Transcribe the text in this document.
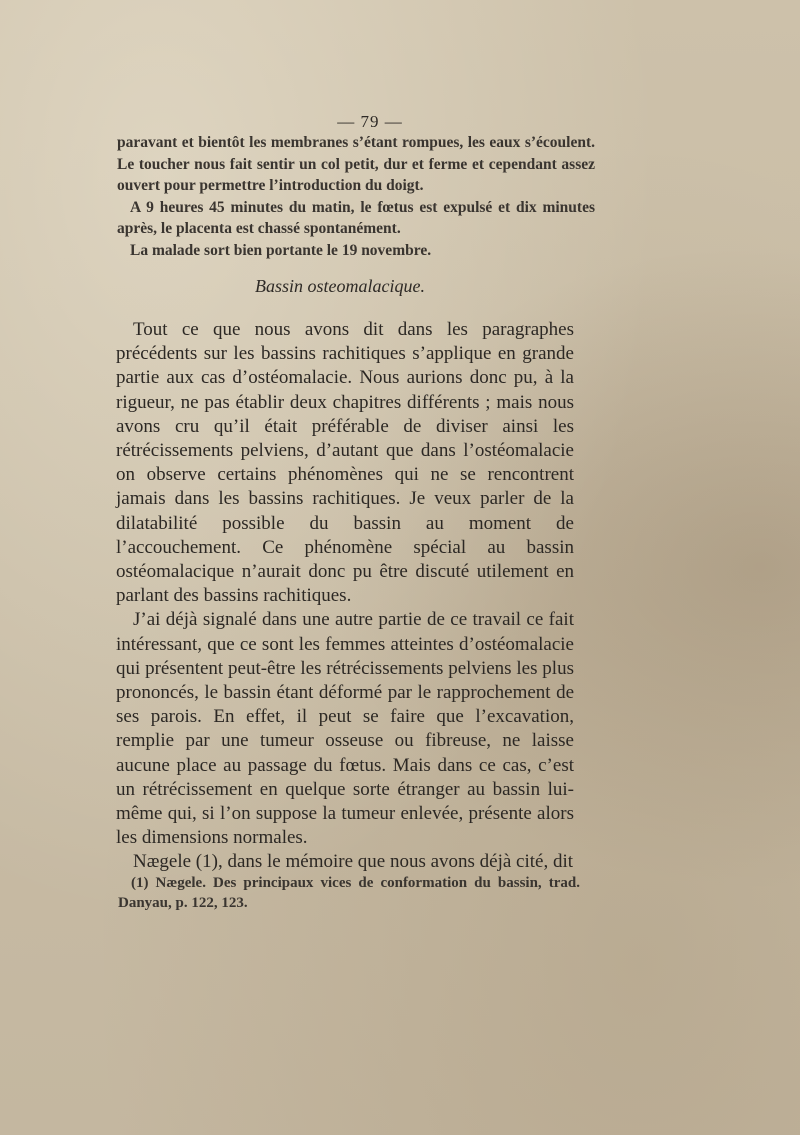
— 79 —

paravant et bientôt les membranes s’étant rompues, les eaux s’écoulent. Le toucher nous fait sentir un col petit, dur et ferme et cependant assez ouvert pour permettre l’introduction du doigt.

A 9 heures 45 minutes du matin, le fœtus est expulsé et dix minutes après, le placenta est chassé spontanément.

La malade sort bien portante le 19 novembre.

Bassin osteomalacique.

Tout ce que nous avons dit dans les paragraphes précédents sur les bassins rachitiques s’applique en grande partie aux cas d’ostéomalacie. Nous aurions donc pu, à la rigueur, ne pas établir deux chapitres différents ; mais nous avons cru qu’il était préférable de diviser ainsi les rétrécissements pelviens, d’autant que dans l’ostéomalacie on observe certains phénomènes qui ne se rencontrent jamais dans les bassins rachitiques. Je veux parler de la dilatabilité possible du bassin au moment de l’accouchement. Ce phénomène spécial au bassin ostéomalacique n’aurait donc pu être discuté utilement en parlant des bassins rachitiques.

J’ai déjà signalé dans une autre partie de ce travail ce fait intéressant, que ce sont les femmes atteintes d’ostéomalacie qui présentent peut-être les rétrécissements pelviens les plus prononcés, le bassin étant déformé par le rapprochement de ses parois. En effet, il peut se faire que l’excavation, remplie par une tumeur osseuse ou fibreuse, ne laisse aucune place au passage du fœtus. Mais dans ce cas, c’est un rétrécissement en quelque sorte étranger au bassin lui-même qui, si l’on suppose la tumeur enlevée, présente alors les dimensions normales.

Nægele (1), dans le mémoire que nous avons déjà cité, dit

(1) Nægele. Des principaux vices de conformation du bassin, trad. Danyau, p. 122, 123.
